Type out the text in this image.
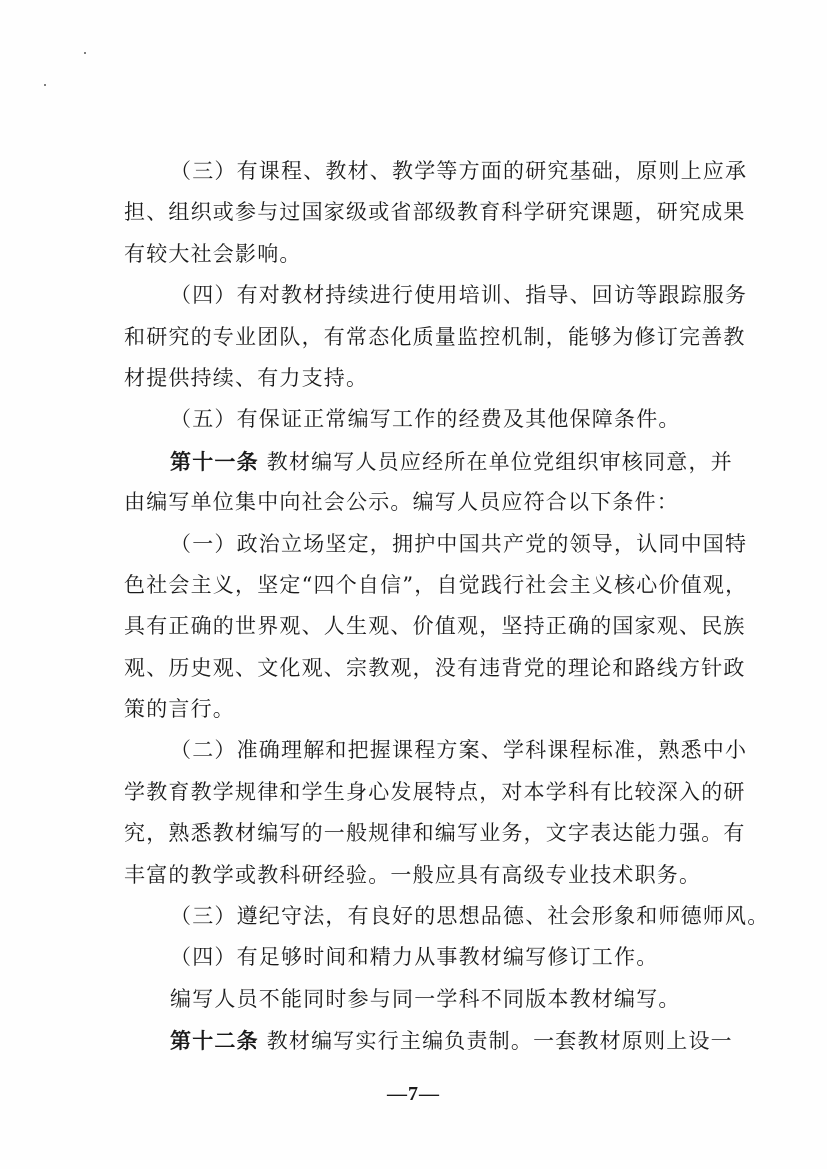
（三）有课程、教材、教学等方面的研究基础，原则上应承
担、组织或参与过国家级或省部级教育科学研究课题，研究成果
有较大社会影响。
（四）有对教材持续进行使用培训、指导、回访等跟踪服务
和研究的专业团队，有常态化质量监控机制，能够为修订完善教
材提供持续、有力支持。
（五）有保证正常编写工作的经费及其他保障条件。
第十一条 教材编写人员应经所在单位党组织审核同意，并
由编写单位集中向社会公示。编写人员应符合以下条件：
（一）政治立场坚定，拥护中国共产党的领导，认同中国特
色社会主义，坚定“四个自信”，自觉践行社会主义核心价值观，
具有正确的世界观、人生观、价值观，坚持正确的国家观、民族
观、历史观、文化观、宗教观，没有违背党的理论和路线方针政
策的言行。
（二）准确理解和把握课程方案、学科课程标准，熟悉中小
学教育教学规律和学生身心发展特点，对本学科有比较深入的研
究，熟悉教材编写的一般规律和编写业务，文字表达能力强。有
丰富的教学或教科研经验。一般应具有高级专业技术职务。
（三）遵纪守法，有良好的思想品德、社会形象和师德师风。
（四）有足够时间和精力从事教材编写修订工作。
编写人员不能同时参与同一学科不同版本教材编写。
第十二条 教材编写实行主编负责制。一套教材原则上设一
—7—
